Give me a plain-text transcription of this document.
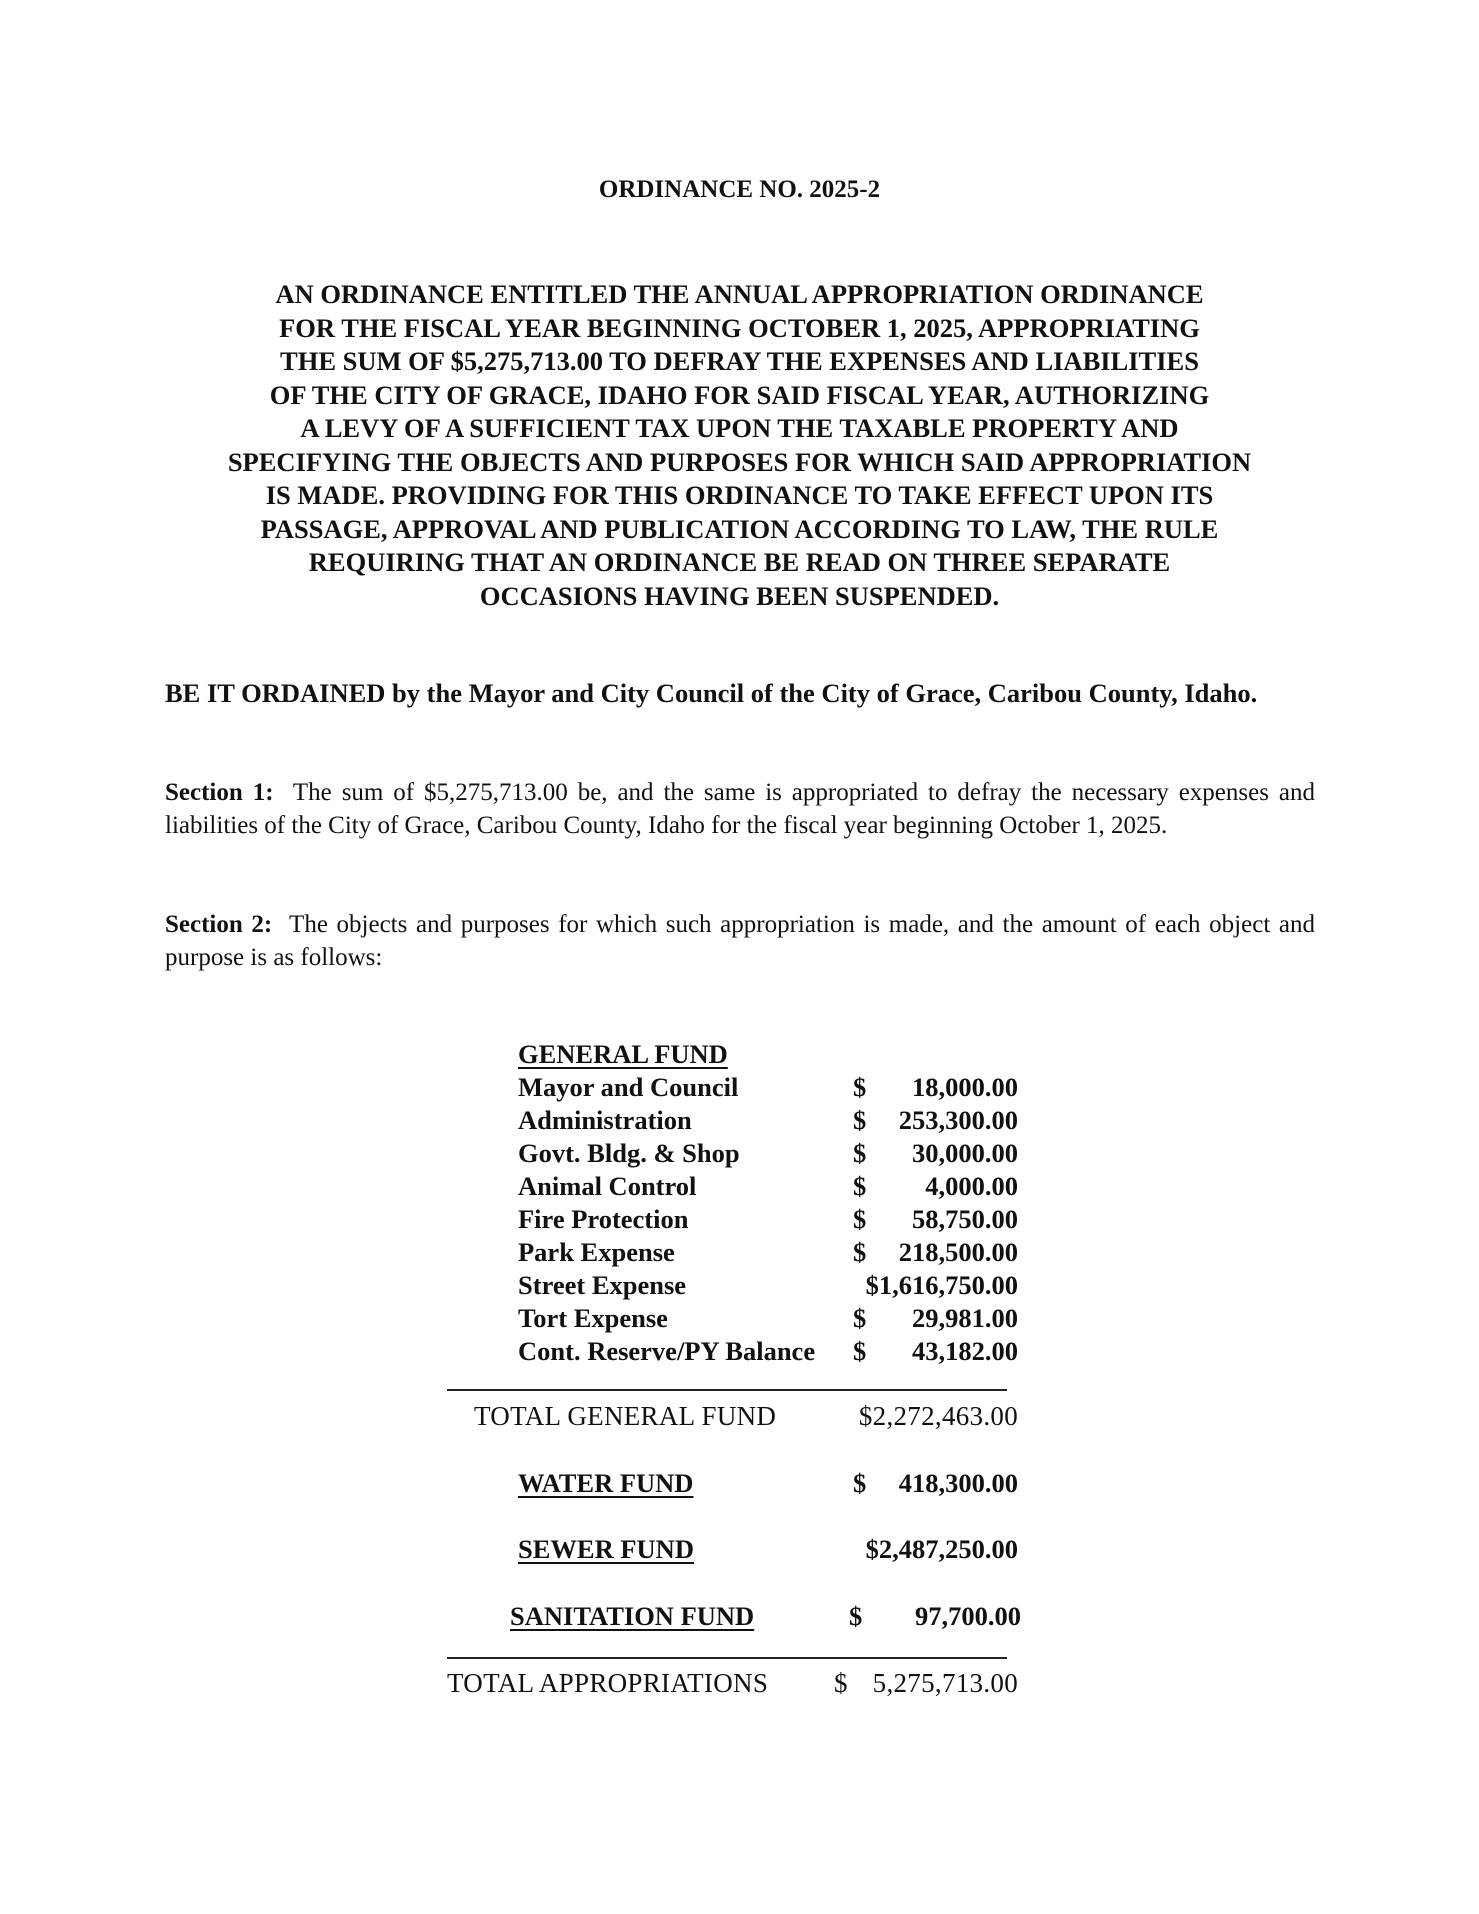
ORDINANCE NO. 2025-2
AN ORDINANCE ENTITLED THE ANNUAL APPROPRIATION ORDINANCE
FOR THE FISCAL YEAR BEGINNING OCTOBER 1, 2025, APPROPRIATING
THE SUM OF $5,275,713.00 TO DEFRAY THE EXPENSES AND LIABILITIES
OF THE CITY OF GRACE, IDAHO FOR SAID FISCAL YEAR, AUTHORIZING
A LEVY OF A SUFFICIENT TAX UPON THE TAXABLE PROPERTY AND
SPECIFYING THE OBJECTS AND PURPOSES FOR WHICH SAID APPROPRIATION
IS MADE. PROVIDING FOR THIS ORDINANCE TO TAKE EFFECT UPON ITS
PASSAGE, APPROVAL AND PUBLICATION ACCORDING TO LAW, THE RULE
REQUIRING THAT AN ORDINANCE BE READ ON THREE SEPARATE
OCCASIONS HAVING BEEN SUSPENDED.
BE IT ORDAINED by the Mayor and City Council of the City of Grace, Caribou County, Idaho.
Section 1: The sum of $5,275,713.00 be, and the same is appropriated to defray the necessary expenses and liabilities of the City of Grace, Caribou County, Idaho for the fiscal year beginning October 1, 2025.
Section 2: The objects and purposes for which such appropriation is made, and the amount of each object and purpose is as follows:
GENERAL FUND
Mayor and Council	$ 18,000.00
Administration	$ 253,300.00
Govt. Bldg. & Shop	$ 30,000.00
Animal Control	$ 4,000.00
Fire Protection	$ 58,750.00
Park Expense	$ 218,500.00
Street Expense	$1,616,750.00
Tort Expense	$ 29,981.00
Cont. Reserve/PY Balance $ 43,182.00
TOTAL GENERAL FUND	$2,272,463.00
WATER FUND	$ 418,300.00
SEWER FUND	$2,487,250.00
SANITATION FUND	$ 97,700.00
TOTAL APPROPRIATIONS $ 5,275,713.00
